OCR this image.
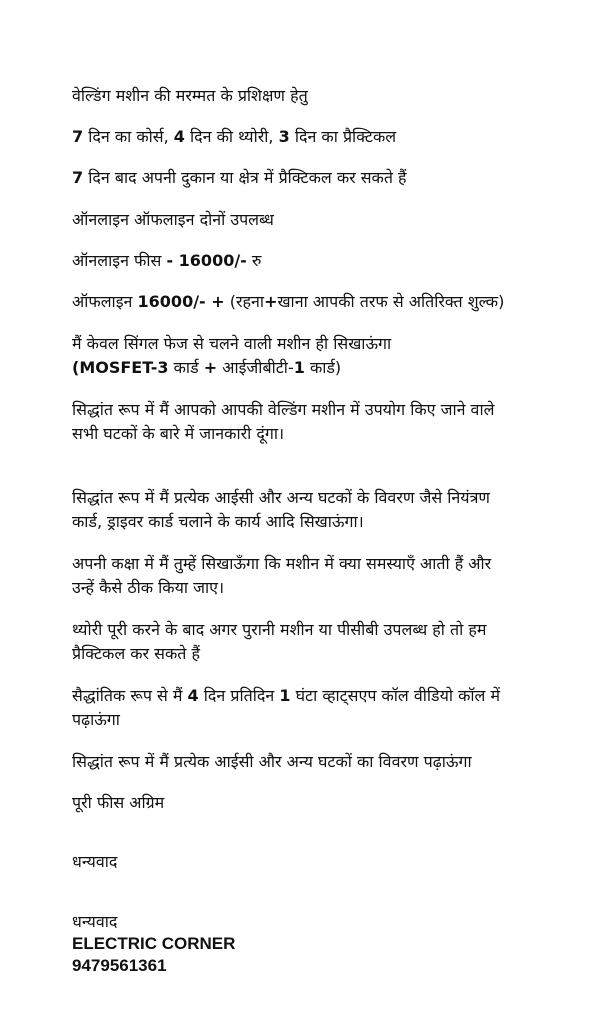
वेल्डिंग मशीन की मरम्मत के प्रशिक्षण हेतु

7 दिन का कोर्स, 4 दिन की थ्योरी, 3 दिन का प्रैक्टिकल

7 दिन बाद अपनी दुकान या क्षेत्र में प्रैक्टिकल कर सकते हैं

ऑनलाइन ऑफलाइन दोनों उपलब्ध

ऑनलाइन फीस - 16000/- रु

ऑफलाइन 16000/- + (रहना+खाना आपकी तरफ से अतिरिक्त शुल्क)

मैं केवल सिंगल फेज से चलने वाली मशीन ही सिखाऊंगा

(MOSFET-3 कार्ड + आईजीबीटी-1 कार्ड)

सिद्धांत रूप में मैं आपको आपकी वेल्डिंग मशीन में उपयोग किए जाने वाले

सभी घटकों के बारे में जानकारी दूंगा।

सिद्धांत रूप में मैं प्रत्येक आईसी और अन्य घटकों के विवरण जैसे नियंत्रण

कार्ड, ड्राइवर कार्ड चलाने के कार्य आदि सिखाऊंगा।

अपनी कक्षा में मैं तुम्हें सिखाऊँगा कि मशीन में क्या समस्याएँ आती हैं और

उन्हें कैसे ठीक किया जाए।

थ्योरी पूरी करने के बाद अगर पुरानी मशीन या पीसीबी उपलब्ध हो तो हम

प्रैक्टिकल कर सकते हैं

सैद्धांतिक रूप से मैं 4 दिन प्रतिदिन 1 घंटा व्हाट्सएप कॉल वीडियो कॉल में

पढ़ाऊंगा

सिद्धांत रूप में मैं प्रत्येक आईसी और अन्य घटकों का विवरण पढ़ाऊंगा

पूरी फीस अग्रिम

धन्यवाद

धन्यवाद

ELECTRIC CORNER

9479561361
